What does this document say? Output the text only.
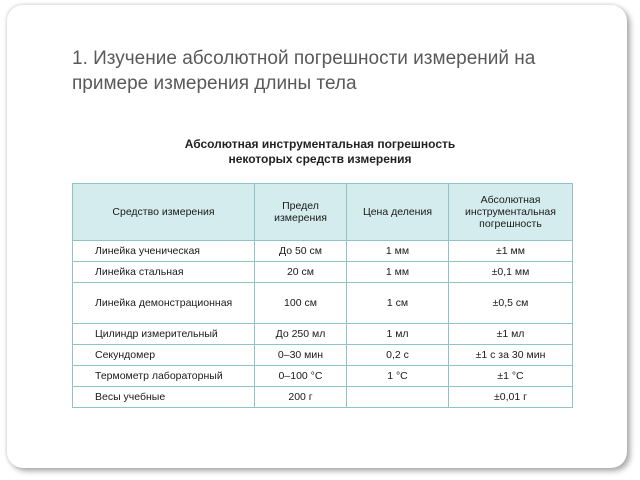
1. Изучение абсолютной погрешности измерений на примере измерения длины тела
Абсолютная инструментальная погрешность
некоторых средств измерения
Средство измерения	Предел измерения	Цена деления	Абсолютная инструментальная погрешность
Линейка ученическая	До 50 см	1 мм	±1 мм
Линейка стальная	20 см	1 мм	±0,1 мм
Линейка демонстрационная	100 см	1 см	±0,5 см
Цилиндр измерительный	До 250 мл	1 мл	±1 мл
Секундомер	0–30 мин	0,2 с	±1 с за 30 мин
Термометр лабораторный	0–100 °С	1 °С	±1 °С
Весы учебные	200 г		±0,01 г
